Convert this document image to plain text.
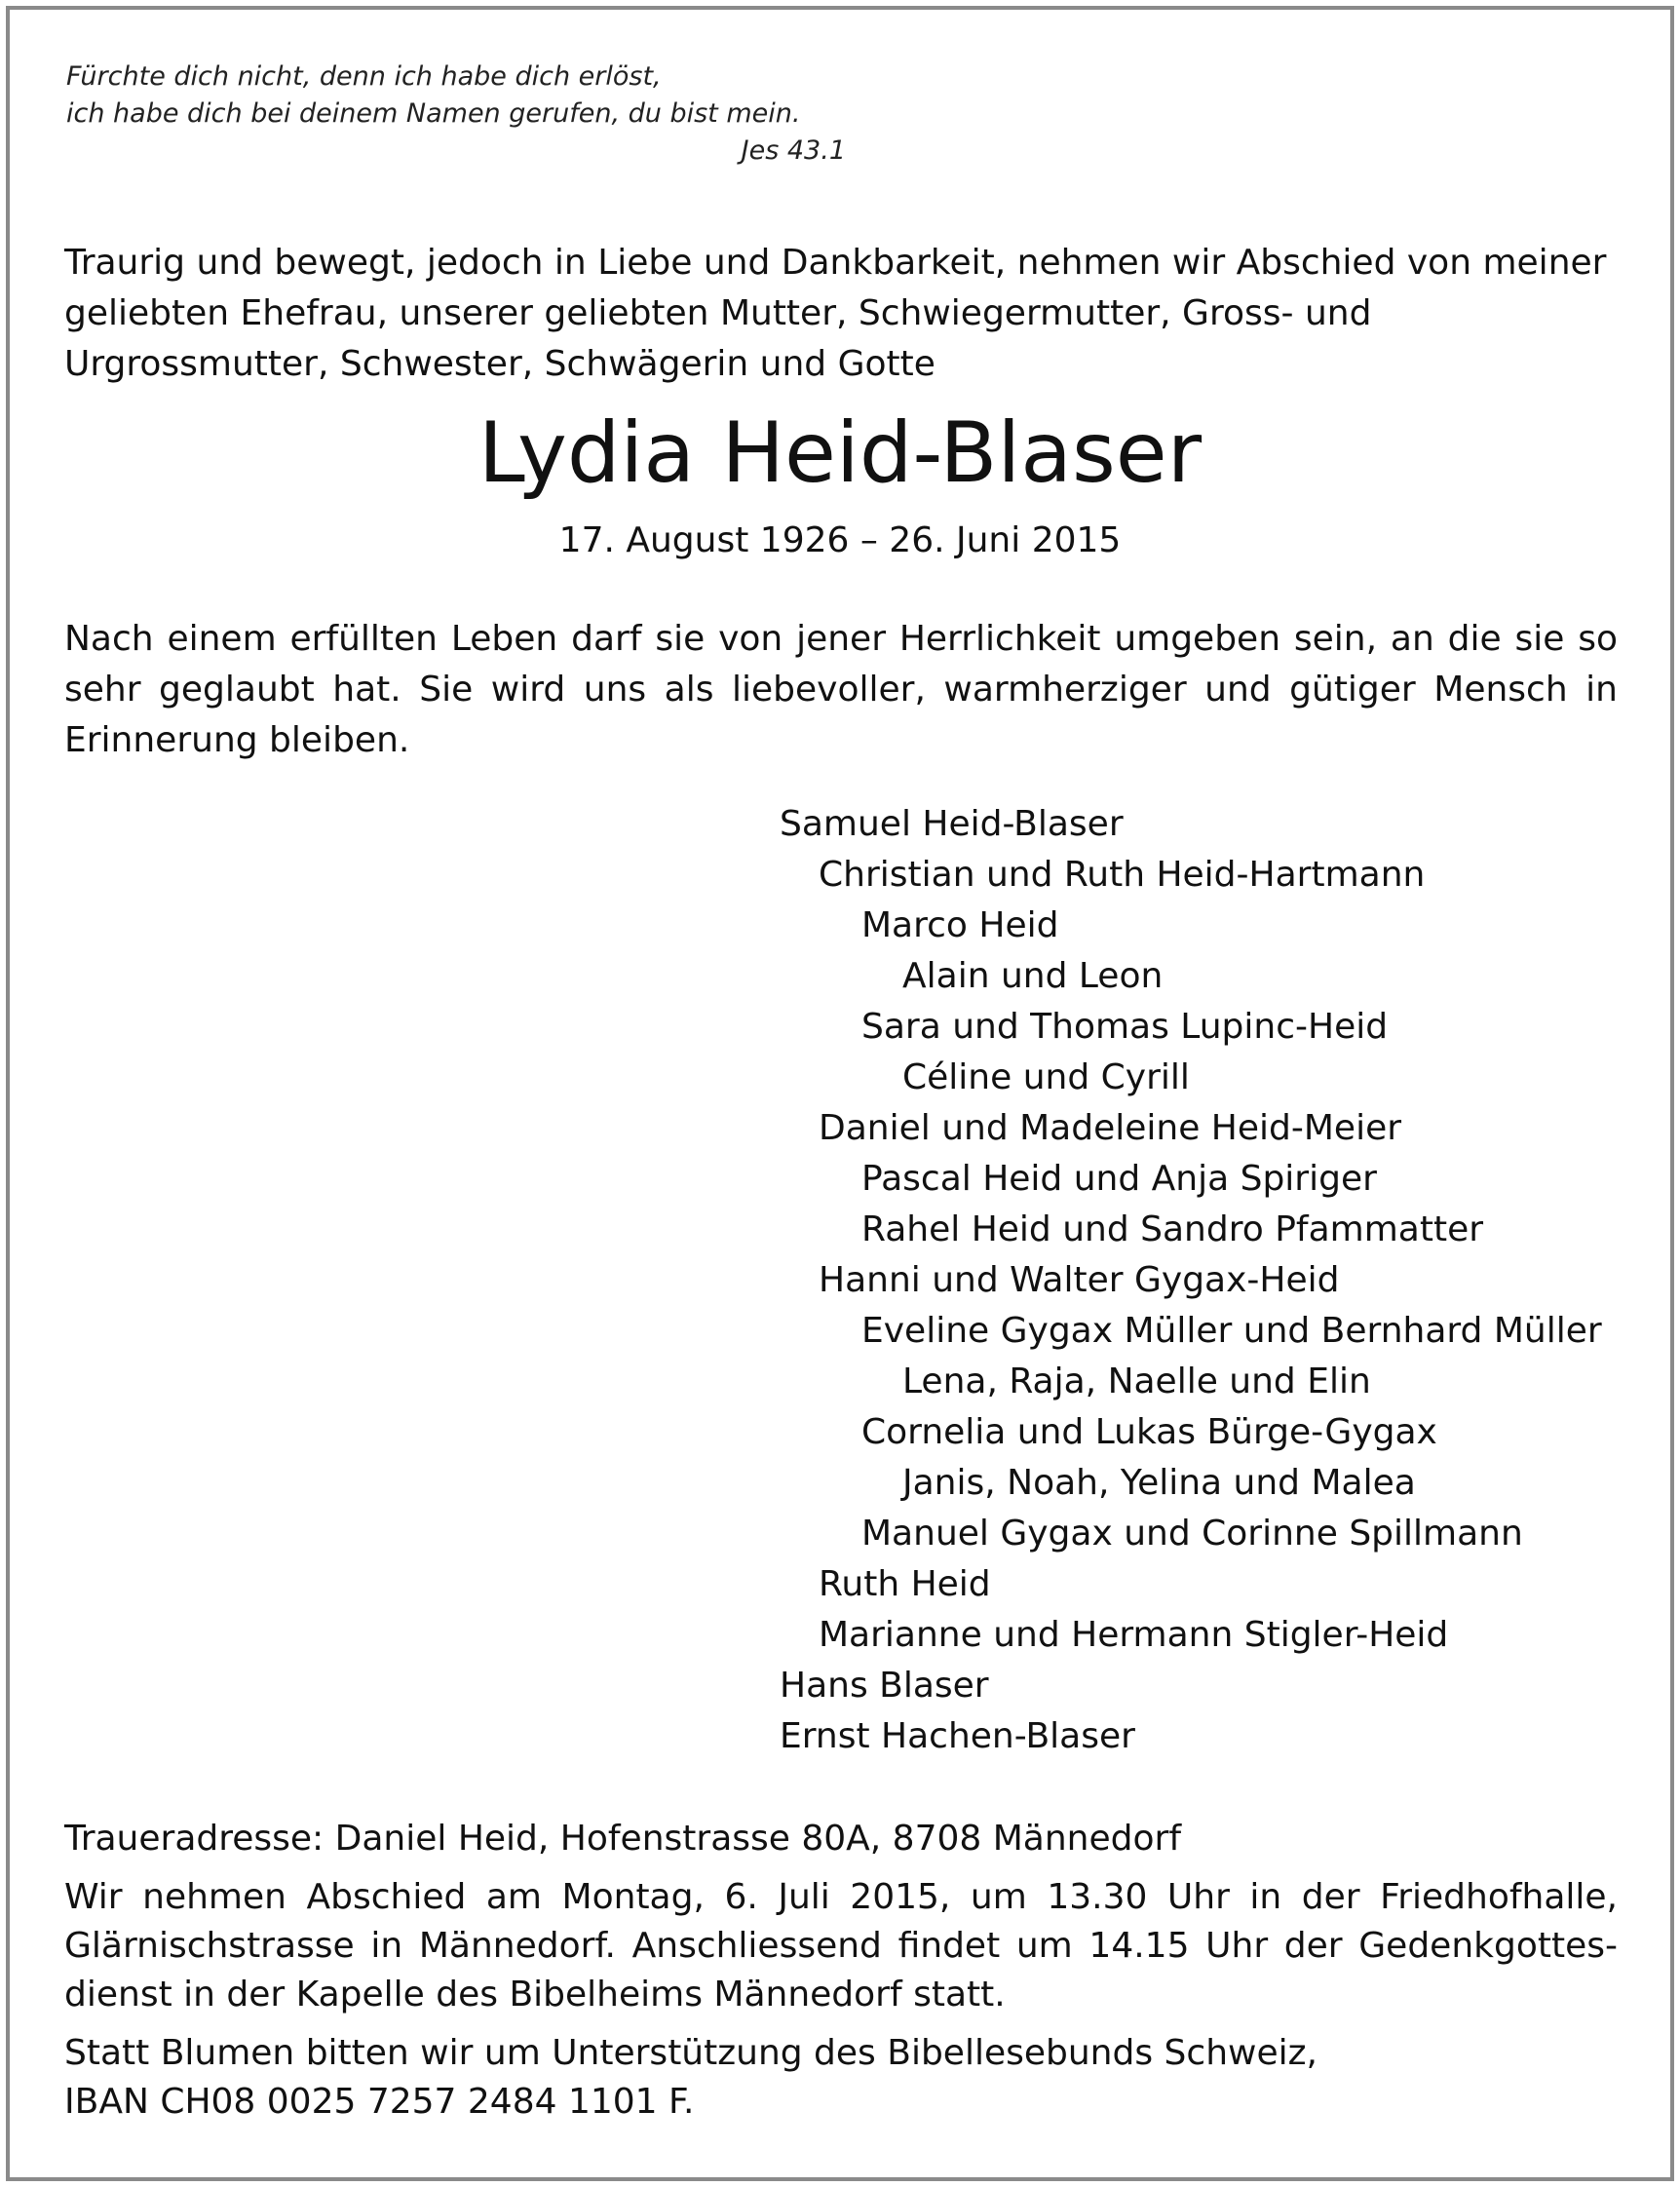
Fürchte dich nicht, denn ich habe dich erlöst,
ich habe dich bei deinem Namen gerufen, du bist mein.
Jes 43.1
Traurig und bewegt, jedoch in Liebe und Dankbarkeit, nehmen wir Abschied von meiner geliebten Ehefrau, unserer geliebten Mutter, Schwiegermutter, Gross- und Urgrossmutter, Schwester, Schwägerin und Gotte
Lydia Heid-Blaser
17. August 1926 – 26. Juni 2015
Nach einem erfüllten Leben darf sie von jener Herrlichkeit umgeben sein, an die sie so sehr geglaubt hat. Sie wird uns als liebevoller, warmherziger und gütiger Mensch in Erinnerung bleiben.
Samuel Heid-Blaser
Christian und Ruth Heid-Hartmann
Marco Heid
Alain und Leon
Sara und Thomas Lupinc-Heid
Céline und Cyrill
Daniel und Madeleine Heid-Meier
Pascal Heid und Anja Spiriger
Rahel Heid und Sandro Pfammatter
Hanni und Walter Gygax-Heid
Eveline Gygax Müller und Bernhard Müller
Lena, Raja, Naelle und Elin
Cornelia und Lukas Bürge-Gygax
Janis, Noah, Yelina und Malea
Manuel Gygax und Corinne Spillmann
Ruth Heid
Marianne und Hermann Stigler-Heid
Hans Blaser
Ernst Hachen-Blaser

Traueradresse: Daniel Heid, Hofenstrasse 80A, 8708 Männedorf

Wir nehmen Abschied am Montag, 6. Juli 2015, um 13.30 Uhr in der Friedhofhalle, Glärnischstrasse in Männedorf. Anschliessend findet um 14.15 Uhr der Gedenkgottes-dienst in der Kapelle des Bibelheims Männedorf statt.

Statt Blumen bitten wir um Unterstützung des Bibellesebunds Schweiz,
IBAN CH08 0025 7257 2484 1101 F.
